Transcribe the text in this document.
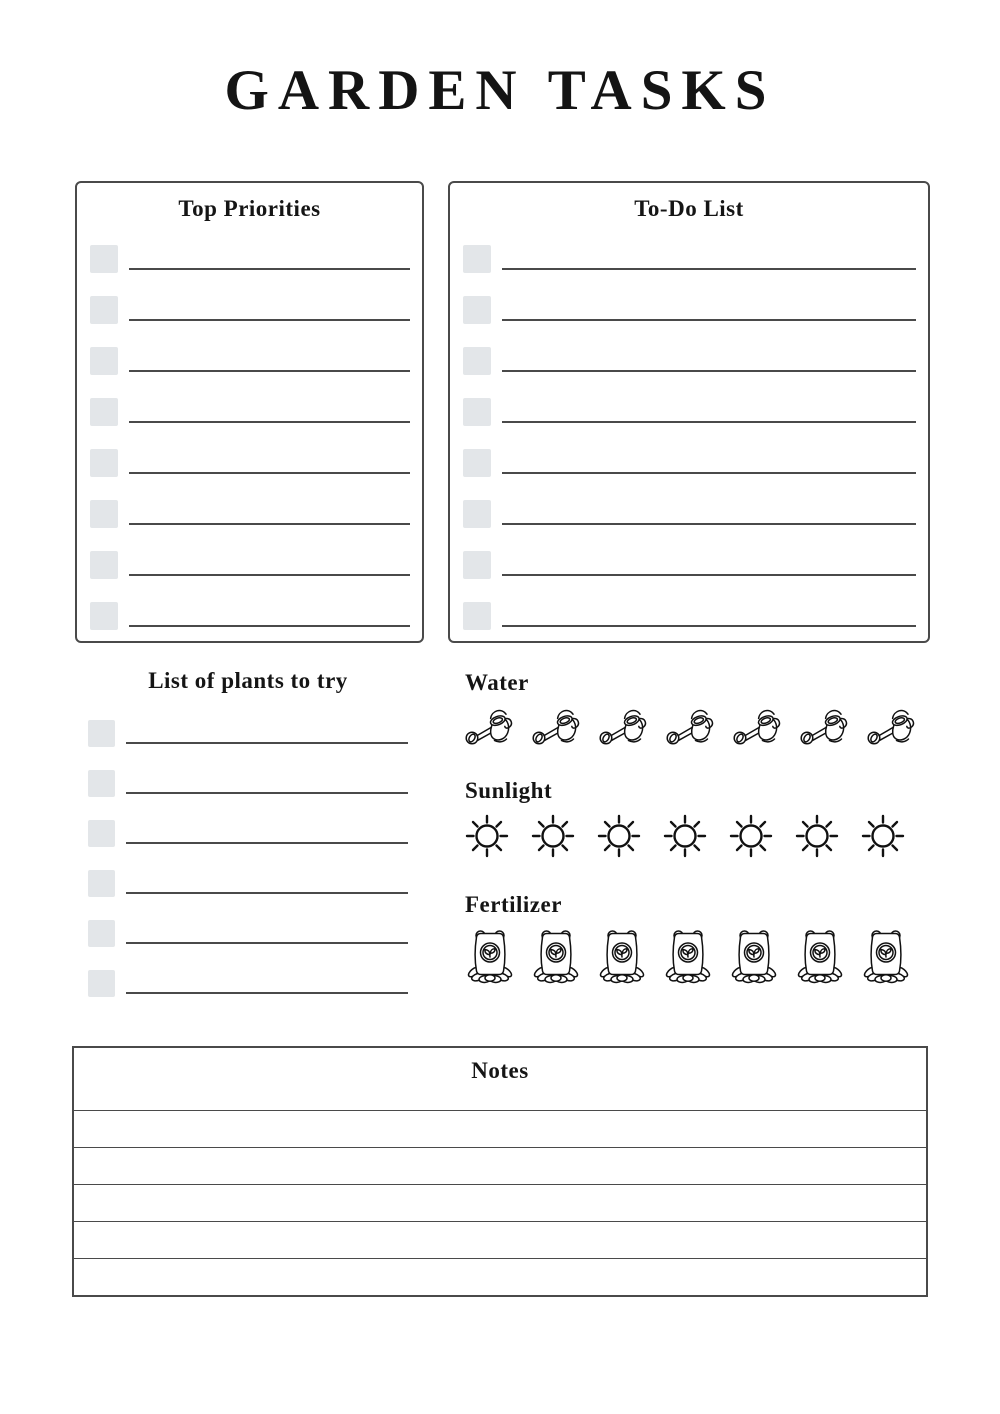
GARDEN TASKS
Top Priorities	To-Do List
List of plants to try	Water
Sunlight
Fertilizer
Notes
